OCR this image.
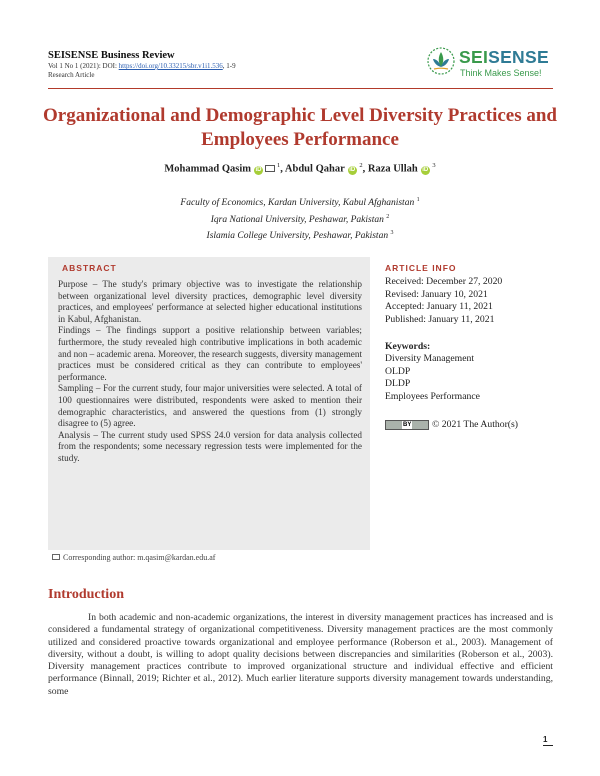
SEISENSE Business Review
Vol 1 No 1 (2021): DOI: https://doi.org/10.33215/sbr.v1i1.536, 1-9
Research Article
SEISENSE
Think Makes Sense!
Organizational and Demographic Level Diversity Practices and
Employees Performance
Mohammad Qasim $iD^1$, Abdul Qahar iD $^2$, Raza Ullah iD $^3$
Faculty of Economics, Kardan University, Kabul Afghanistan $^1$
Iqra National University, Peshawar, Pakistan $^2$
Islamia College University, Peshawar, Pakistan $^3$
ABSTRACT

Purpose – The study's primary objective was to investigate the relationship between organizational level diversity practices, demographic level diversity practices, and employees' performance at selected higher educational institutions in Kabul, Afghanistan.

Findings – The findings support a positive relationship between variables; furthermore, the study revealed high contributive implications in both academic and non – academic arena. Moreover, the research suggests, diversity management practices must be considered critical as they can contribute to employees' performance.

Sampling – For the current study, four major universities were selected. A total of 100 questionnaires were distributed, respondents were asked to mention their demographic characteristics, and answered the questions from (1) strongly disagree to (5) agree.

Analysis – The current study used SPSS 24.0 version for data analysis collected from the respondents; some necessary regression tests were implemented for the study.

ARTICLE INFO
Received: December 27, 2020
Revised: January 10, 2021
Accepted: January 11, 2021
Published: January 11, 2021
Keywords:
Diversity Management
OLDP
DLDP
Employees Performance
BY © 2021 The Author(s)
Corresponding author: m.qasim@kardan.edu.af
Introduction

In both academic and non-academic organizations, the interest in diversity management practices has increased and is considered a fundamental strategy of organizational competitiveness. Diversity management practices are the most commonly utilized and considered proactive towards organizational and employee performance (Roberson et al., 2003). Management of diversity, without a doubt, is willing to adopt quality decisions between discrepancies and similarities (Roberson et al., 2003). Diversity management practices contribute to improved organizational structure and individual effective and efficient performance (Binnall, 2019; Richter et al., 2012). Much earlier literature supports diversity management towards understanding, some

1
